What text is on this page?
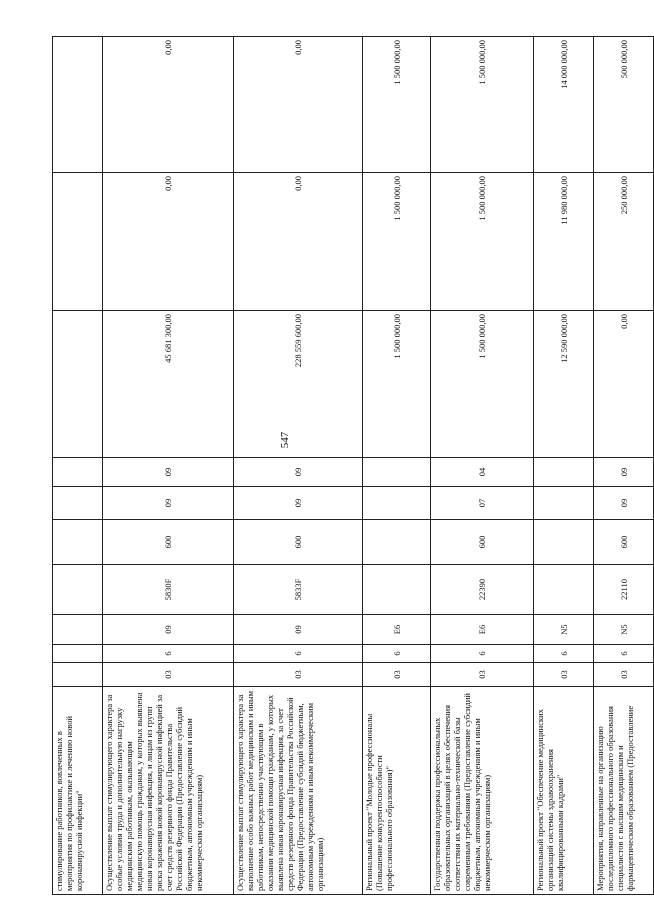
547
стимулирование работников, вовлеченных в мероприятия по профилактике и лечению новой коронавирусной инфекции"										
Осуществление выплат стимулирующего характера за особые условия труда и дополнительную нагрузку медицинским работникам, оказывающим медицинскую помощь гражданам, у которых выявлена новая коронавирусная инфекция, и лицам из групп риска заражения новой коронавирусной инфекцией за счет средств резервного фонда Правительства Российской Федерации (Предоставление субсидий бюджетным, автономным учреждениям и иным некоммерческим организациям)	03	6	09	5830F	600	09	09	45 681 300,00	0,00	0,00
Осуществление выплат стимулирующего характера за выполнение особо важных работ медицинским и иным работникам, непосредственно участвующим в оказании медицинской помощи гражданам, у которых выявлена новая коронавирусная инфекция, за счет средств резервного фонда Правительства Российской Федерации (Предоставление субсидий бюджетным, автономным учреждениям и иным некоммерческим организациям)	03	6	09	5833F	600	09	09	228 559 600,00	0,00	0,00
Региональный проект "Молодые профессионалы (Повышение конкурентоспособности профессионального образования)"	03	6	E6					1 500 000,00	1 500 000,00	1 500 000,00
Государственная поддержка профессиональных образовательных организаций в целях обеспечения соответствия их материально-технической базы современным требованиям (Предоставление субсидий бюджетным, автономным учреждениям и иным некоммерческим организациям)	03	6	E6	22390	600	07	04	1 500 000,00	1 500 000,00	1 500 000,00
Региональный проект "Обеспечение медицинских организаций системы здравоохранения квалифицированными кадрами"	03	6	N5					12 590 000,00	11 980 000,00	14 000 000,00
Мероприятия, направленные на организацию последипломного профессионального образования специалистов с высшим медицинским и фармацевтическим образованием (Предоставление	03	6	N5	22110	600	09	09	0,00	250 000,00	500 000,00
